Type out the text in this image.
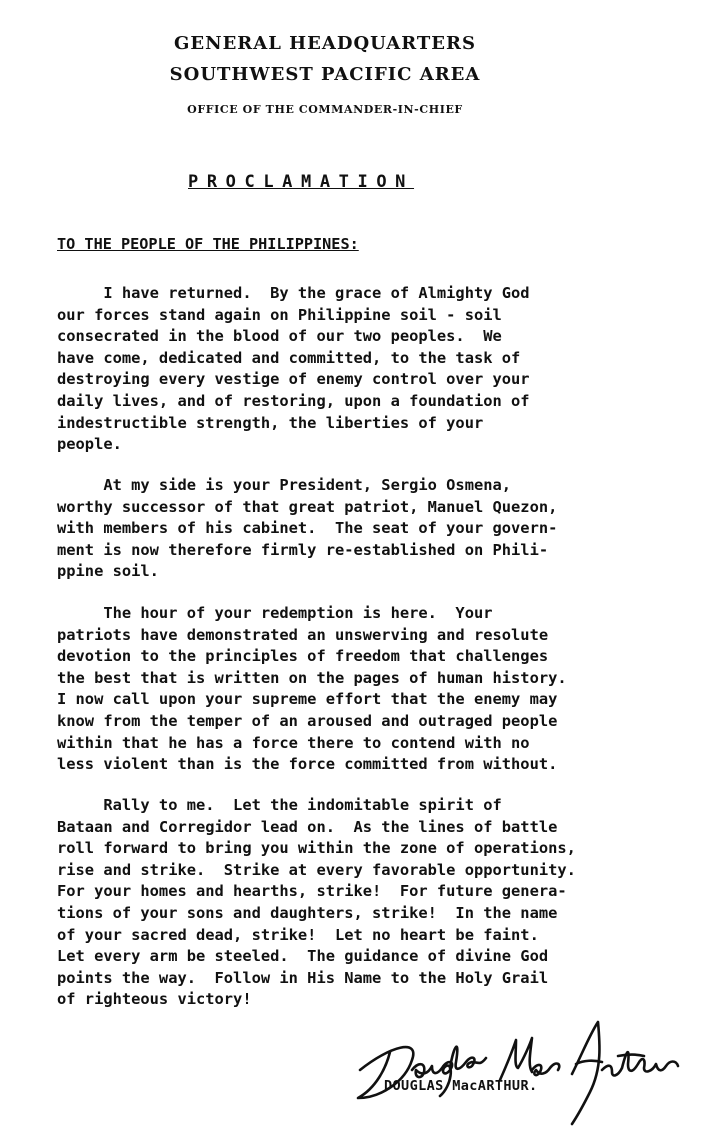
GENERAL HEADQUARTERS
SOUTHWEST PACIFIC AREA
OFFICE OF THE COMMANDER-IN-CHIEF
PROCLAMATION
TO THE PEOPLE OF THE PHILIPPINES:
I have returned.  By the grace of Almighty God
our forces stand again on Philippine soil - soil
consecrated in the blood of our two peoples.  We
have come, dedicated and committed, to the task of
destroying every vestige of enemy control over your
daily lives, and of restoring, upon a foundation of
indestructible strength, the liberties of your
people.
At my side is your President, Sergio Osmena,
worthy successor of that great patriot, Manuel Quezon,
with members of his cabinet.  The seat of your govern-
ment is now therefore firmly re-established on Phili-
ppine soil.
The hour of your redemption is here.  Your
patriots have demonstrated an unswerving and resolute
devotion to the principles of freedom that challenges
the best that is written on the pages of human history.
I now call upon your supreme effort that the enemy may
know from the temper of an aroused and outraged people
within that he has a force there to contend with no
less violent than is the force committed from without.
Rally to me.  Let the indomitable spirit of
Bataan and Corregidor lead on.  As the lines of battle
roll forward to bring you within the zone of operations,
rise and strike.  Strike at every favorable opportunity.
For your homes and hearths, strike!  For future genera-
tions of your sons and daughters, strike!  In the name
of your sacred dead, strike!  Let no heart be faint.
Let every arm be steeled.  The guidance of divine God
points the way.  Follow in His Name to the Holy Grail
of righteous victory!
DOUGLAS MacARTHUR.
